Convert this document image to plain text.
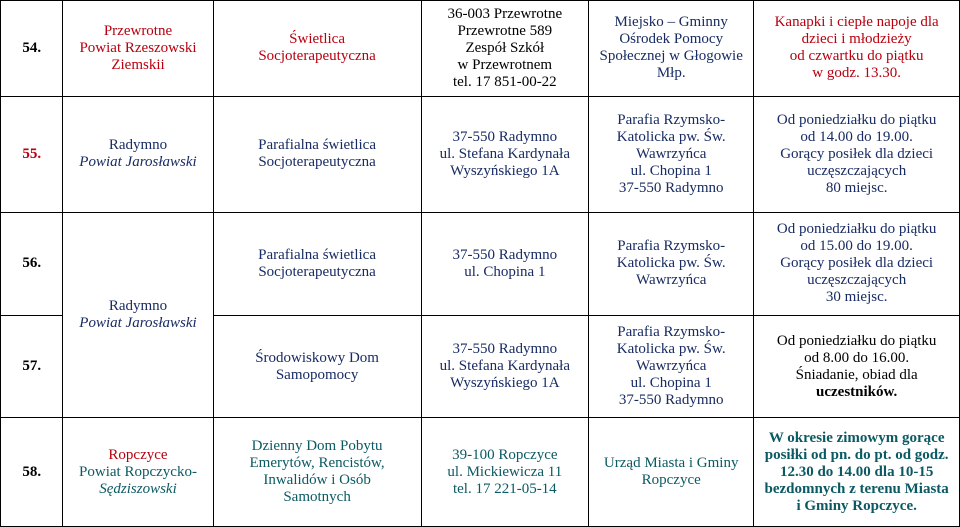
54.	Przewrotne
Powiat Rzeszowski
Ziemskii	Świetlica
Socjoterapeutyczna	36-003 Przewrotne
Przewrotne 589
Zespół Szkół
w Przewrotnem
tel. 17 851-00-22	Miejsko – Gminny
Ośrodek Pomocy
Społecznej w Głogowie
Młp.	Kanapki i ciepłe napoje dla
dzieci i młodzieży
od czwartku do piątku
w godz. 13.30.

55.	Radymno
Powiat Jarosławski	Parafialna świetlica
Socjoterapeutyczna	37-550 Radymno
ul. Stefana Kardynała
Wyszyńskiego 1A	Parafia Rzymsko-
Katolicka pw. Św.
Wawrzyńca
ul. Chopina 1
37-550 Radymno	Od poniedziałku do piątku
od 14.00 do 19.00.
Gorący posiłek dla dzieci
uczęszczających
80 miejsc.

56.	Radymno
Powiat Jarosławski	Parafialna świetlica
Socjoterapeutyczna	37-550 Radymno
ul. Chopina 1	Parafia Rzymsko-
Katolicka pw. Św.
Wawrzyńca	Od poniedziałku do piątku
od 15.00 do 19.00.
Gorący posiłek dla dzieci
uczęszczających
30 miejsc.

57.		Środowiskowy Dom
Samopomocy	37-550 Radymno
ul. Stefana Kardynała
Wyszyńskiego 1A	Parafia Rzymsko-
Katolicka pw. Św.
Wawrzyńca
ul. Chopina 1
37-550 Radymno	Od poniedziałku do piątku
od 8.00 do 16.00.
Śniadanie, obiad dla
uczestników.

58.	Ropczyce
Powiat Ropczycko-
Sędziszowski	Dzienny Dom Pobytu
Emerytów, Rencistów,
Inwalidów i Osób
Samotnych	39-100 Ropczyce
ul. Mickiewicza 11
tel. 17 221-05-14	Urząd Miasta i Gminy
Ropczyce	W okresie zimowym gorące
posiłki od pn. do pt. od godz.
12.30 do 14.00 dla 10-15
bezdomnych z terenu Miasta
i Gminy Ropczyce.
